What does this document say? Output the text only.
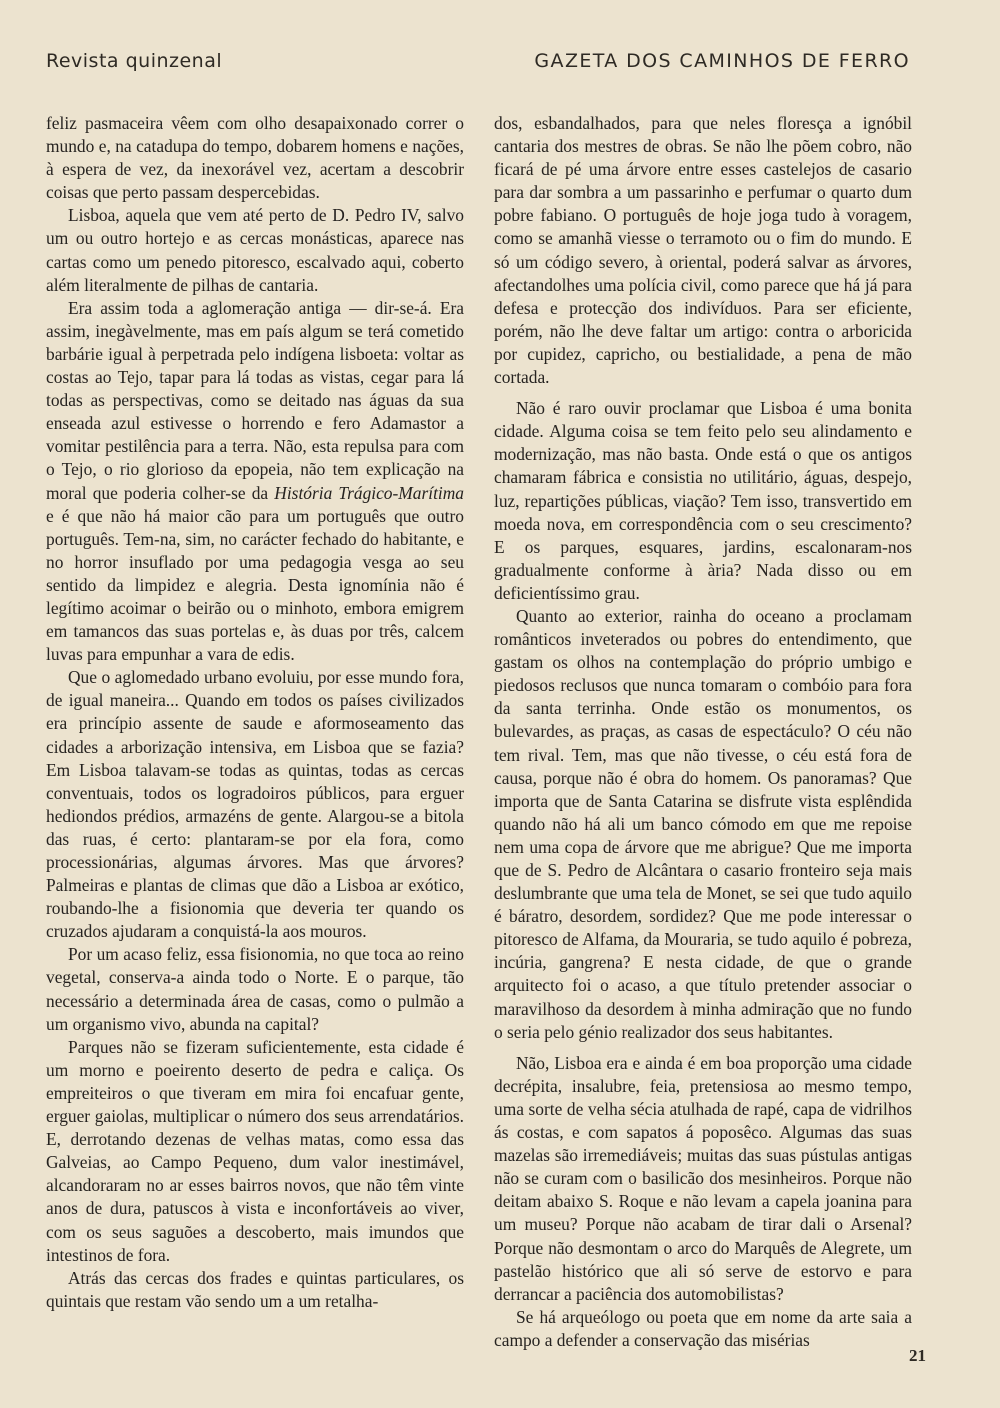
Revista quinzenal	GAZETA DOS CAMINHOS DE FERRO

feliz pasmaceira vêem com olho desapaixonado correr o mundo e, na catadupa do tempo, dobarem homens e nações, à espera de vez, da inexorável vez, acertam a descobrir coisas que perto passam despercebidas.

Lisboa, aquela que vem até perto de D. Pedro IV, salvo um ou outro hortejo e as cercas monásticas, aparece nas cartas como um penedo pitoresco, escalvado aqui, coberto além literalmente de pilhas de cantaria.

Era assim toda a aglomeração antiga — dir-se-á. Era assim, inegàvelmente, mas em país algum se terá cometido barbárie igual à perpetrada pelo indígena lisboeta: voltar as costas ao Tejo, tapar para lá todas as vistas, cegar para lá todas as perspectivas, como se deitado nas águas da sua enseada azul estivesse o horrendo e fero Adamastor a vomitar pestilência para a terra. Não, esta repulsa para com o Tejo, o rio glorioso da epopeia, não tem explicação na moral que poderia colher-se da História Trágico-Marítima e é que não há maior cão para um português que outro português. Tem-na, sim, no carácter fechado do habitante, e no horror insuflado por uma pedagogia vesga ao seu sentido da limpidez e alegria. Desta ignomínia não é legítimo acoimar o beirão ou o minhoto, embora emigrem em tamancos das suas portelas e, às duas por três, calcem luvas para empunhar a vara de edis.

Que o aglomedado urbano evoluiu, por esse mundo fora, de igual maneira... Quando em todos os países civilizados era princípio assente de saude e aformoseamento das cidades a arborização intensiva, em Lisboa que se fazia? Em Lisboa talavam-se todas as quintas, todas as cercas conventuais, todos os logradoiros públicos, para erguer hediondos prédios, armazéns de gente. Alargou-se a bitola das ruas, é certo: plantaram-se por ela fora, como processionárias, algumas árvores. Mas que árvores? Palmeiras e plantas de climas que dão a Lisboa ar exótico, roubando-lhe a fisionomia que deveria ter quando os cruzados ajudaram a conquistá-la aos mouros.

Por um acaso feliz, essa fisionomia, no que toca ao reino vegetal, conserva-a ainda todo o Norte. E o parque, tão necessário a determinada área de casas, como o pulmão a um organismo vivo, abunda na capital?

Parques não se fizeram suficientemente, esta cidade é um morno e poeirento deserto de pedra e caliça. Os empreiteiros o que tiveram em mira foi encafuar gente, erguer gaiolas, multiplicar o número dos seus arrendatários. E, derrotando dezenas de velhas matas, como essa das Galveias, ao Campo Pequeno, dum valor inestimável, alcandoraram no ar esses bairros novos, que não têm vinte anos de dura, patuscos à vista e inconfortáveis ao viver, com os seus saguões a descoberto, mais imundos que intestinos de fora.

Atrás das cercas dos frades e quintas particulares, os quintais que restam vão sendo um a um retalha-

dos, esbandalhados, para que neles floresça a ignóbil cantaria dos mestres de obras. Se não lhe põem cobro, não ficará de pé uma árvore entre esses castelejos de casario para dar sombra a um passarinho e perfumar o quarto dum pobre fabiano. O português de hoje joga tudo à voragem, como se amanhã viesse o terramoto ou o fim do mundo. E só um código severo, à oriental, poderá salvar as árvores, afectandolhes uma polícia civil, como parece que há já para defesa e protecção dos indivíduos. Para ser eficiente, porém, não lhe deve faltar um artigo: contra o arboricida por cupidez, capricho, ou bestialidade, a pena de mão cortada.

Não é raro ouvir proclamar que Lisboa é uma bonita cidade. Alguma coisa se tem feito pelo seu alindamento e modernização, mas não basta. Onde está o que os antigos chamaram fábrica e consistia no utilitário, águas, despejo, luz, repartições públicas, viação? Tem isso, transvertido em moeda nova, em correspondência com o seu crescimento? E os parques, esquares, jardins, escalonaram-nos gradualmente conforme à ària? Nada disso ou em deficientíssimo grau.

Quanto ao exterior, rainha do oceano a proclamam românticos inveterados ou pobres do entendimento, que gastam os olhos na contemplação do próprio umbigo e piedosos reclusos que nunca tomaram o combóio para fora da santa terrinha. Onde estão os monumentos, os bulevardes, as praças, as casas de espectáculo? O céu não tem rival. Tem, mas que não tivesse, o céu está fora de causa, porque não é obra do homem. Os panoramas? Que importa que de Santa Catarina se disfrute vista esplêndida quando não há ali um banco cómodo em que me repoise nem uma copa de árvore que me abrigue? Que me importa que de S. Pedro de Alcântara o casario fronteiro seja mais deslumbrante que uma tela de Monet, se sei que tudo aquilo é báratro, desordem, sordidez? Que me pode interessar o pitoresco de Alfama, da Mouraria, se tudo aquilo é pobreza, incúria, gangrena? E nesta cidade, de que o grande arquitecto foi o acaso, a que título pretender associar o maravilhoso da desordem à minha admiração que no fundo o seria pelo génio realizador dos seus habitantes.

Não, Lisboa era e ainda é em boa proporção uma cidade decrépita, insalubre, feia, pretensiosa ao mesmo tempo, uma sorte de velha sécia atulhada de rapé, capa de vidrilhos ás costas, e com sapatos á poposêco. Algumas das suas mazelas são irremediáveis; muitas das suas pústulas antigas não se curam com o basilicão dos mesinheiros. Porque não deitam abaixo S. Roque e não levam a capela joanina para um museu? Porque não acabam de tirar dali o Arsenal? Porque não desmontam o arco do Marquês de Alegrete, um pastelão histórico que ali só serve de estorvo e para derrancar a paciência dos automobilistas?

Se há arqueólogo ou poeta que em nome da arte saia a campo a defender a conservação das misérias

21
